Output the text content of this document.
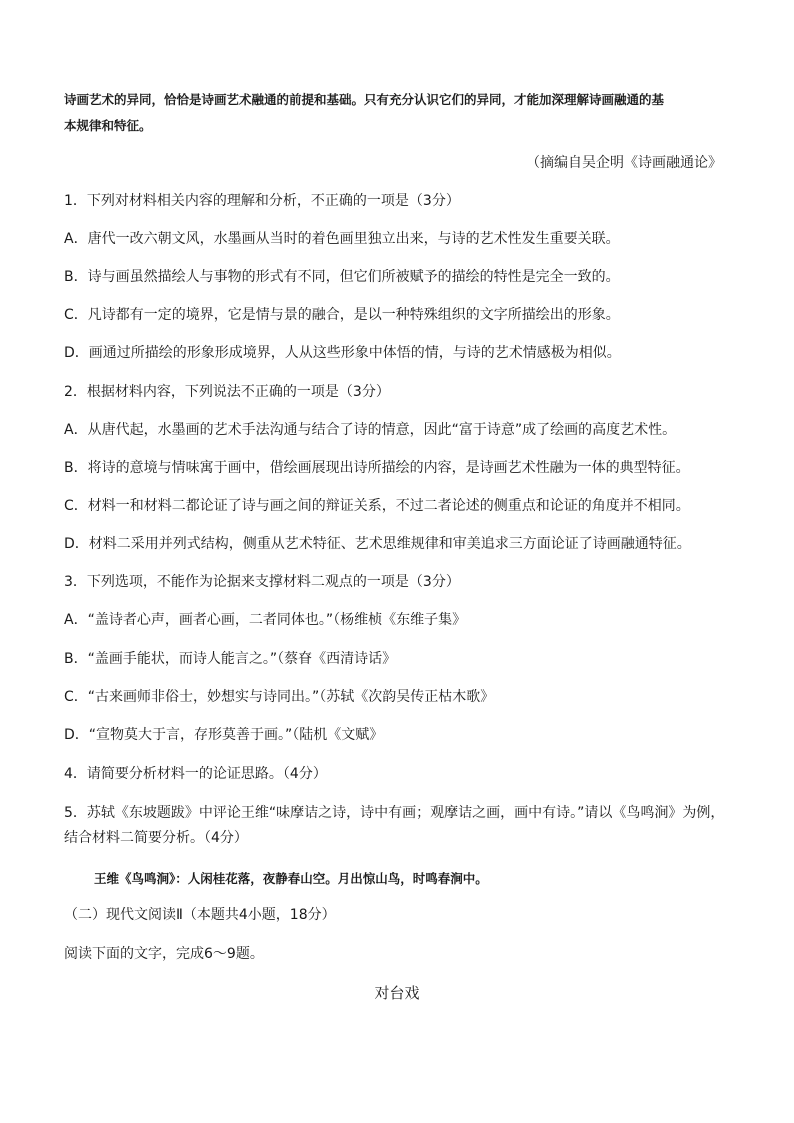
诗画艺术的异同，恰恰是诗画艺术融通的前提和基础。只有充分认识它们的异同，才能加深理解诗画融通的基
本规律和特征。
（摘编自吴企明《诗画融通论》
1．下列对材料相关内容的理解和分析，不正确的一项是（3分）
A．唐代一改六朝文风，水墨画从当时的着色画里独立出来，与诗的艺术性发生重要关联。
B．诗与画虽然描绘人与事物的形式有不同，但它们所被赋予的描绘的特性是完全一致的。
C．凡诗都有一定的境界，它是情与景的融合，是以一种特殊组织的文字所描绘出的形象。
D．画通过所描绘的形象形成境界，人从这些形象中体悟的情，与诗的艺术情感极为相似。
2．根据材料内容，下列说法不正确的一项是（3分）
A．从唐代起，水墨画的艺术手法沟通与结合了诗的情意，因此“富于诗意”成了绘画的高度艺术性。
B．将诗的意境与情味寓于画中，借绘画展现出诗所描绘的内容，是诗画艺术性融为一体的典型特征。
C．材料一和材料二都论证了诗与画之间的辩证关系，不过二者论述的侧重点和论证的角度并不相同。
D．材料二采用并列式结构，侧重从艺术特征、艺术思维规律和审美追求三方面论证了诗画融通特征。
3．下列选项，不能作为论据来支撑材料二观点的一项是（3分）
A．“盖诗者心声，画者心画，二者同体也。”（杨维桢《东维子集》
B．“盖画手能状，而诗人能言之。”（蔡眘《西清诗话》
C．“古来画师非俗士，妙想实与诗同出。”（苏轼《次韵吴传正枯木歌》
D．“宣物莫大于言，存形莫善于画。”（陆机《文赋》
4．请简要分析材料一的论证思路。（4分）
5．苏轼《东坡题跋》中评论王维“味摩诘之诗，诗中有画；观摩诘之画，画中有诗。”请以《鸟鸣涧》为例，
结合材料二简要分析。（4分）
王维《鸟鸣涧》：人闲桂花落，夜静春山空。月出惊山鸟，时鸣春涧中。
（二）现代文阅读Ⅱ（本题共4小题，18分）
阅读下面的文字，完成6～9题。
对台戏
